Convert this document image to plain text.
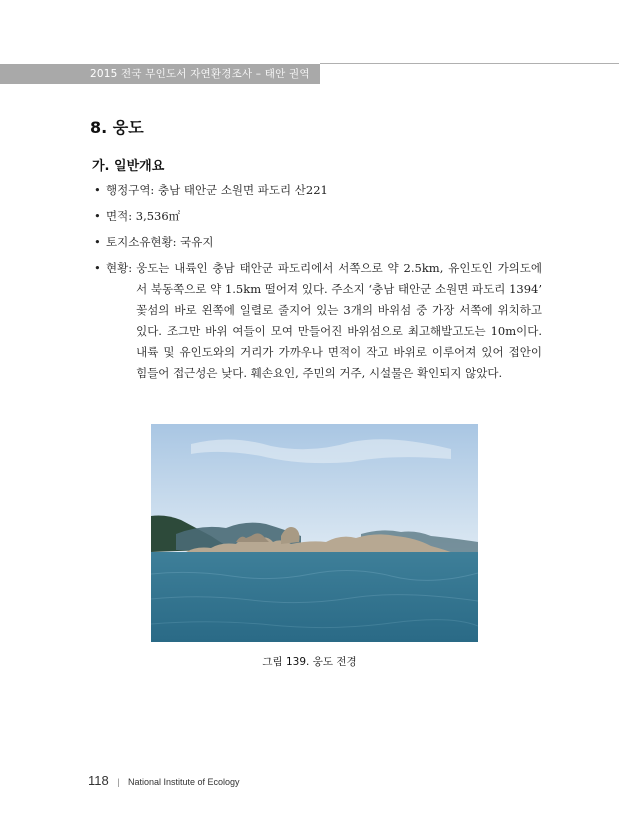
2015 전국 무인도서 자연환경조사 – 태안 권역
8. 웅도
가. 일반개요
• 행정구역: 충남 태안군 소원면 파도리 산221
• 면적: 3,536㎡
• 토지소유현황: 국유지
• 현황: 웅도는 내륙인 충남 태안군 파도리에서 서쪽으로 약 2.5km, 유인도인 가의도에서 북동쪽으로 약 1.5km 떨어져 있다. 주소지 ‘충남 태안군 소원면 파도리 1394’ 꽃섬의 바로 왼쪽에 일렬로 줄지어 있는 3개의 바위섬 중 가장 서쪽에 위치하고 있다. 조그만 바위 여들이 모여 만들어진 바위섬으로 최고해발고도는 10m이다. 내륙 및 유인도와의 거리가 가까우나 면적이 작고 바위로 이루어져 있어 접안이 힘들어 접근성은 낮다. 훼손요인, 주민의 거주, 시설물은 확인되지 않았다.
그림 139. 웅도 전경
118 | National Institute of Ecology
